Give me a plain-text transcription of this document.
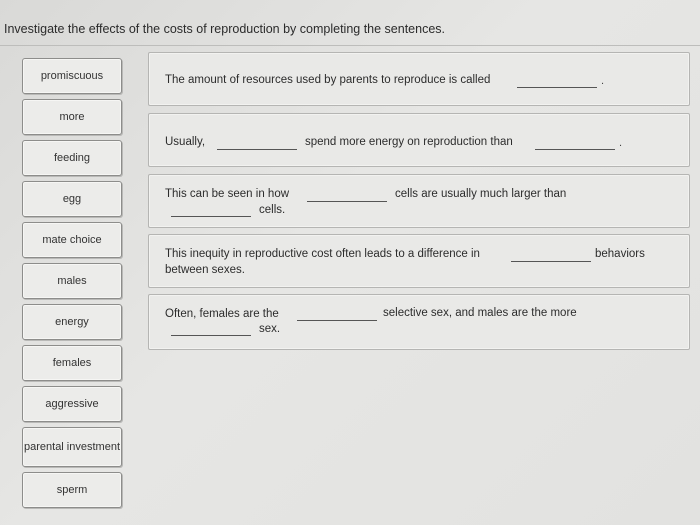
Investigate the effects of the costs of reproduction by completing the sentences.
promiscuous
more
feeding
egg
mate choice
males
energy
females
aggressive
parental investment
sperm
The amount of resources used by parents to reproduce is called	.
Usually,	spend more energy on reproduction than	.
This can be seen in how	cells are usually much larger than
cells.
This inequity in reproductive cost often leads to a difference in	behaviors
between sexes.
Often, females are the	selective sex, and males are the more
sex.
